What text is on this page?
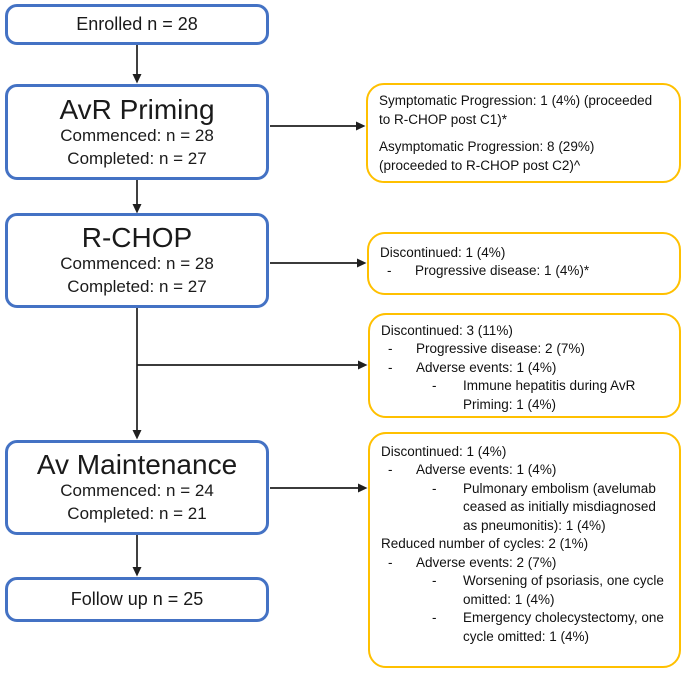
Enrolled n = 28
AvR Priming
Commenced: n = 28
Completed: n = 27
R-CHOP
Commenced: n = 28
Completed: n = 27
Av Maintenance
Commenced: n = 24
Completed: n = 21
Follow up n = 25

Symptomatic Progression: 1 (4%) (proceeded to R-CHOP post C1)*

Asymptomatic Progression: 8 (29%) (proceeded to R-CHOP post C2)^

Discontinued: 1 (4%)
-	Progressive disease: 1 (4%)*
Discontinued: 3 (11%)
-	Progressive disease: 2 (7%)
-	Adverse events: 1 (4%)
-	Immune hepatitis during AvR Priming: 1 (4%)
Discontinued: 1 (4%)
-	Adverse events: 1 (4%)
-	Pulmonary embolism (avelumab ceased as initially misdiagnosed as pneumonitis): 1 (4%)
Reduced number of cycles: 2 (1%)
-	Adverse events: 2 (7%)
-	Worsening of psoriasis, one cycle omitted: 1 (4%)
-	Emergency cholecystectomy, one cycle omitted: 1 (4%)
